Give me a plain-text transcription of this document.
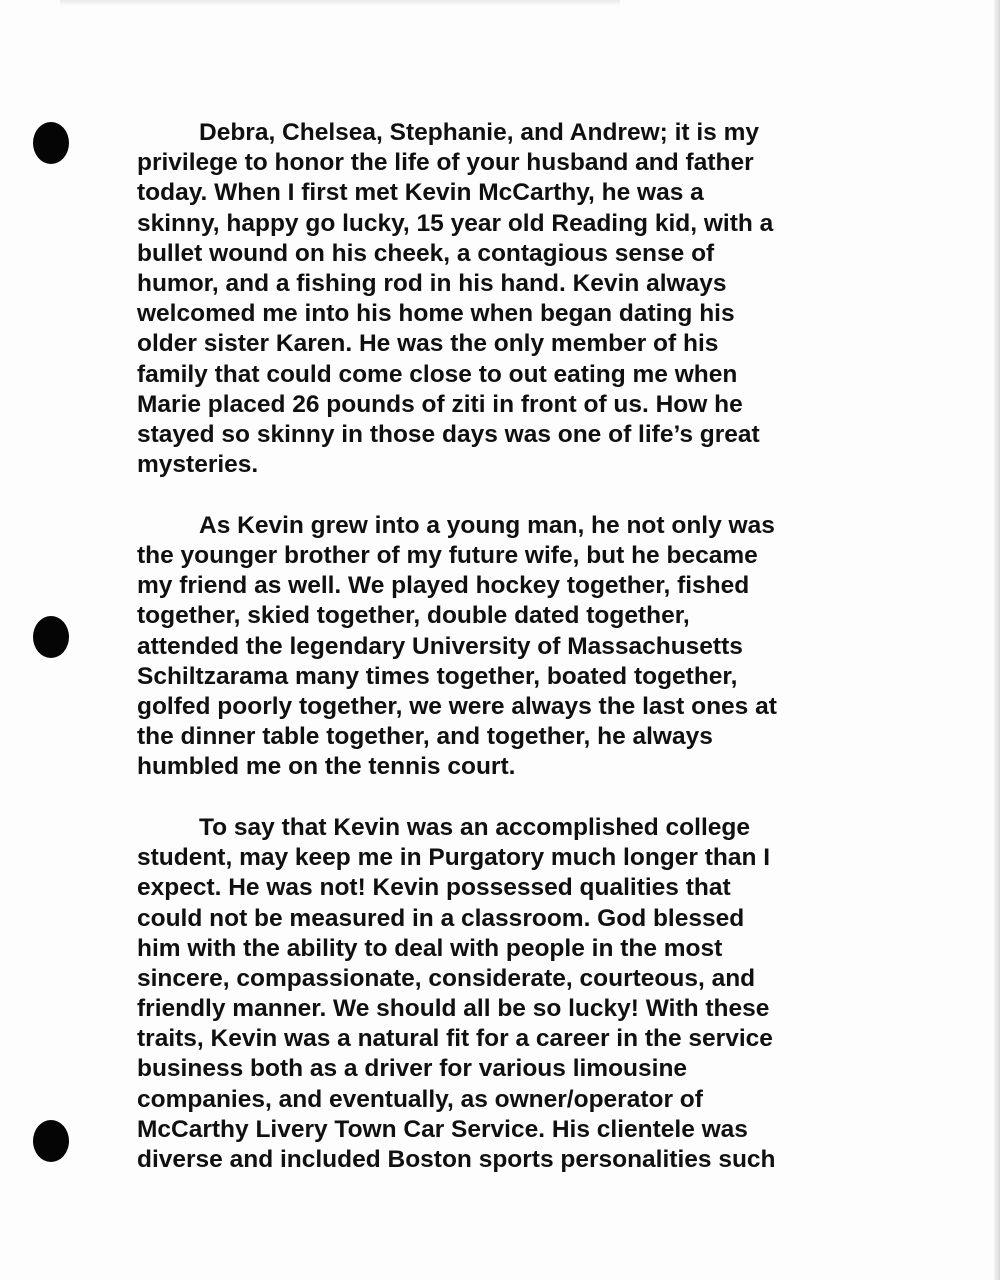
Debra, Chelsea, Stephanie, and Andrew; it is my
privilege to honor the life of your husband and father
today. When I first met Kevin McCarthy, he was a
skinny, happy go lucky, 15 year old Reading kid, with a
bullet wound on his cheek, a contagious sense of
humor, and a fishing rod in his hand. Kevin always
welcomed me into his home when began dating his
older sister Karen. He was the only member of his
family that could come close to out eating me when
Marie placed 26 pounds of ziti in front of us. How he
stayed so skinny in those days was one of life’s great
mysteries.

As Kevin grew into a young man, he not only was
the younger brother of my future wife, but he became
my friend as well. We played hockey together, fished
together, skied together, double dated together,
attended the legendary University of Massachusetts
Schiltzarama many times together, boated together,
golfed poorly together, we were always the last ones at
the dinner table together, and together, he always
humbled me on the tennis court.

To say that Kevin was an accomplished college
student, may keep me in Purgatory much longer than I
expect. He was not! Kevin possessed qualities that
could not be measured in a classroom. God blessed
him with the ability to deal with people in the most
sincere, compassionate, considerate, courteous, and
friendly manner. We should all be so lucky! With these
traits, Kevin was a natural fit for a career in the service
business both as a driver for various limousine
companies, and eventually, as owner/operator of
McCarthy Livery Town Car Service. His clientele was
diverse and included Boston sports personalities such
